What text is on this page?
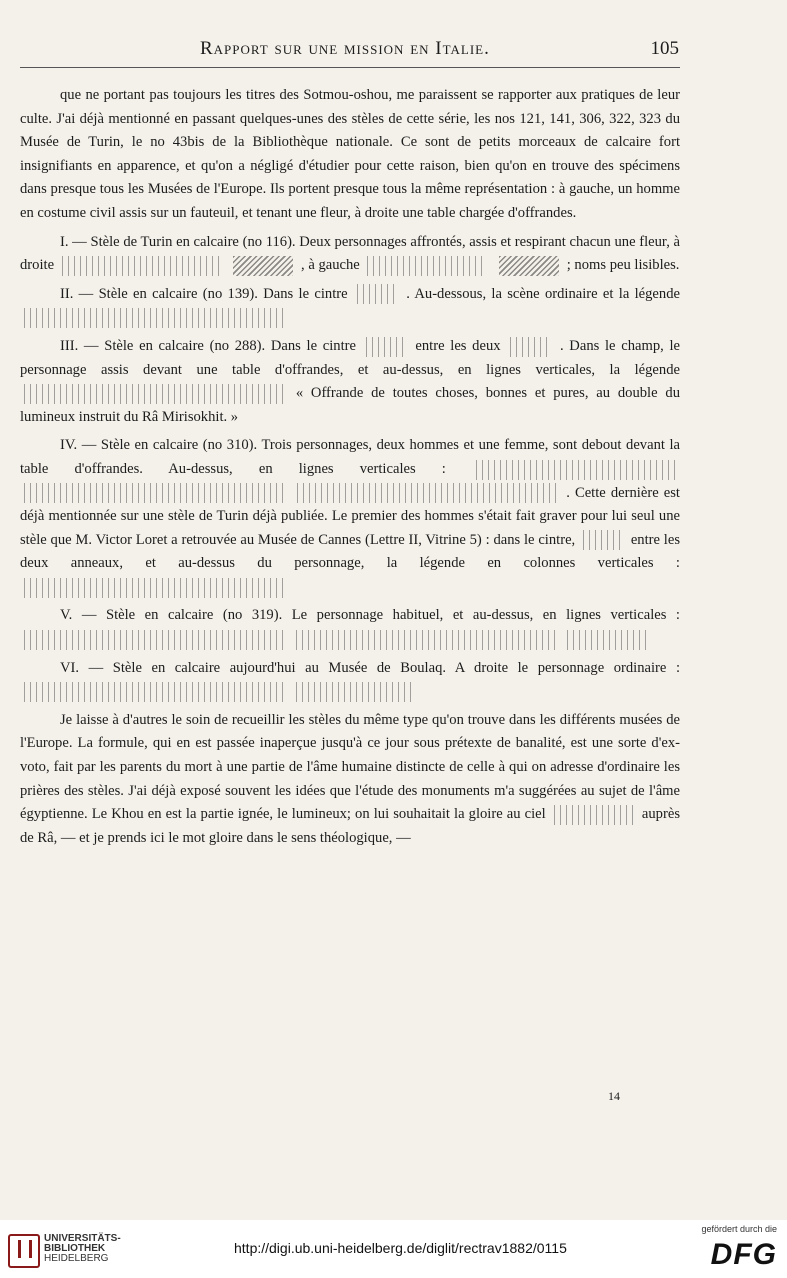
Rapport sur une mission en Italie.	105

que ne portant pas toujours les titres des Sotmou-oshou, me paraissent se rapporter aux pratiques de leur culte. J'ai déjà mentionné en passant quelques-unes des stèles de cette série, les nos 121, 141, 306, 322, 323 du Musée de Turin, le no 43bis de la Bibliothèque nationale. Ce sont de petits morceaux de calcaire fort insignifiants en apparence, et qu'on a négligé d'étudier pour cette raison, bien qu'on en trouve des spécimens dans presque tous les Musées de l'Europe. Ils portent presque tous la même représentation : à gauche, un homme en costume civil assis sur un fauteuil, et tenant une fleur, à droite une table chargée d'offrandes.

I. — Stèle de Turin en calcaire (no 116). Deux personnages affrontés, assis et respirant chacun une fleur, à droite	, à gauche	; noms peu lisibles.

II. — Stèle en calcaire (no 139). Dans le cintre	. Au-dessous, la scène ordinaire et la légende

III. — Stèle en calcaire (no 288). Dans le cintre	entre les deux	. Dans le champ, le personnage assis devant une table d'offrandes, et au-dessus, en lignes verticales, la légende  « Offrande de toutes choses, bonnes et pures, au double du lumineux instruit du Râ Mirisokhit. »

IV. — Stèle en calcaire (no 310). Trois personnages, deux hommes et une femme, sont debout devant la table d'offrandes. Au-dessus, en lignes verticales :    . Cette dernière est déjà mentionnée sur une stèle de Turin déjà publiée. Le premier des hommes s'était fait graver pour lui seul une stèle que M. Victor Loret a retrouvée au Musée de Cannes (Lettre II, Vitrine 5) : dans le cintre,	entre les deux anneaux, et au-dessus du personnage, la légende en colonnes verticales :

V. — Stèle en calcaire (no 319). Le personnage habituel, et au-dessus, en lignes verticales :

VI. — Stèle en calcaire aujourd'hui au Musée de Boulaq. A droite le personnage ordinaire :

Je laisse à d'autres le soin de recueillir les stèles du même type qu'on trouve dans les différents musées de l'Europe. La formule, qui en est passée inaperçue jusqu'à ce jour sous prétexte de banalité, est une sorte d'ex-voto, fait par les parents du mort à une partie de l'âme humaine distincte de celle à qui on adresse d'ordinaire les prières des stèles. J'ai déjà exposé souvent les idées que l'étude des monuments m'a suggérées au sujet de l'âme égyptienne. Le Khou en est la partie ignée, le lumineux; on lui souhaitait la gloire au ciel	auprès de Râ, — et je prends ici le mot gloire dans le sens théologique, —

14
UNIVERSITÄTS-
BIBLIOTHEK
HEIDELBERG
http://digi.ub.uni-heidelberg.de/diglit/rectrav1882/0115
gefördert durch die
DFG
